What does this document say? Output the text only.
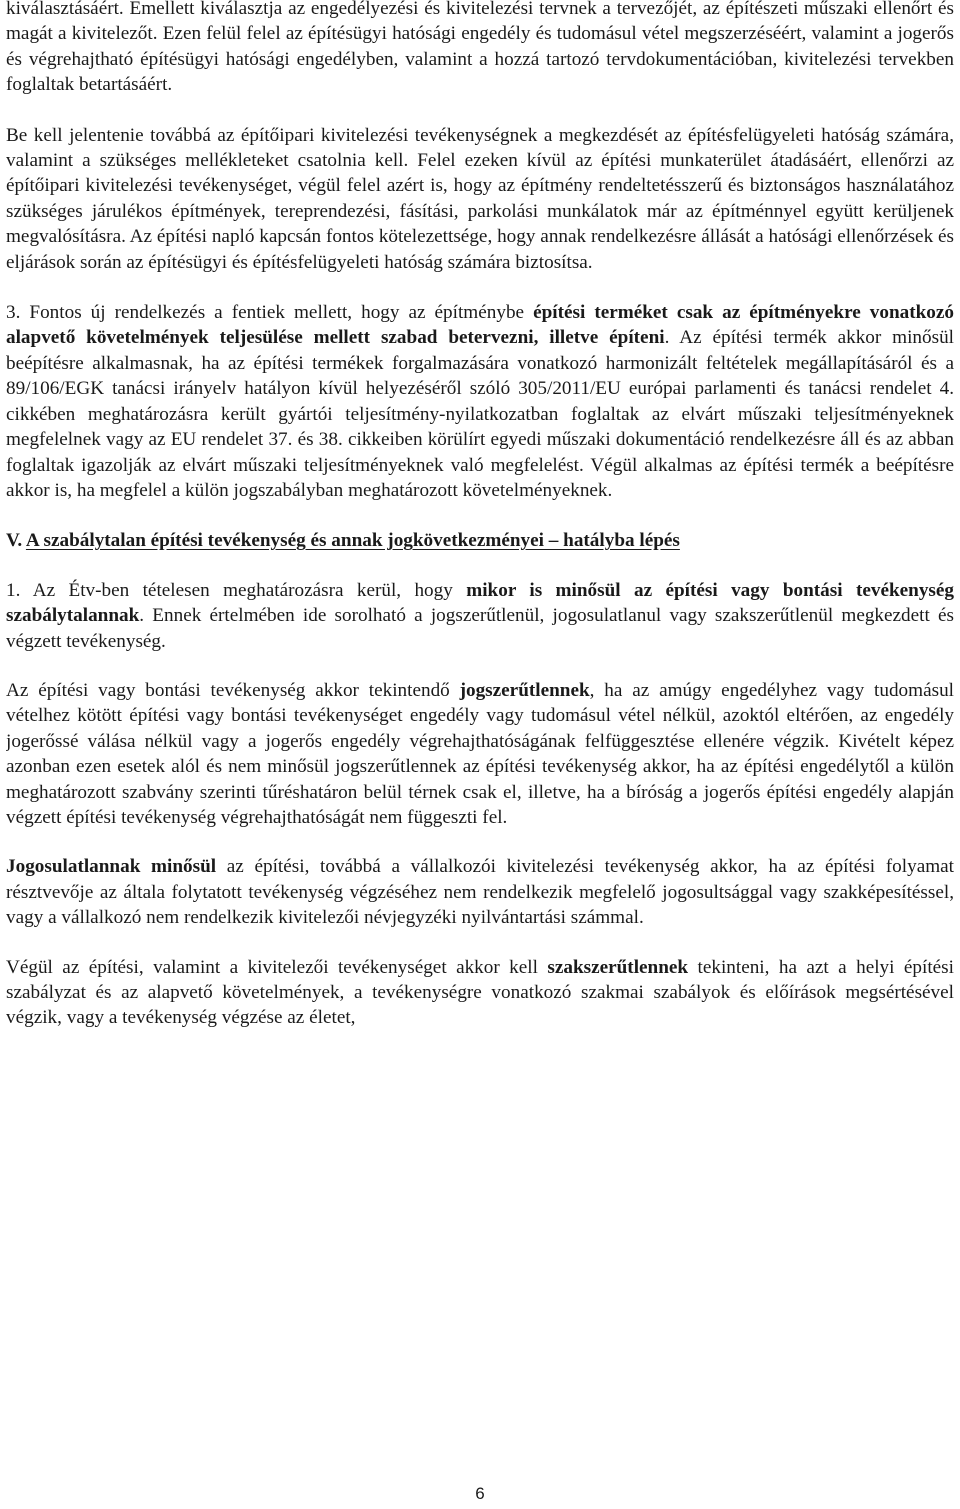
kiválasztásáért. Emellett kiválasztja az engedélyezési és kivitelezési tervnek a tervezőjét, az építészeti műszaki ellenőrt és magát a kivitelezőt. Ezen felül felel az építésügyi hatósági engedély és tudomásul vétel megszerzéséért, valamint a jogerős és végrehajtható építésügyi hatósági engedélyben, valamint a hozzá tartozó tervdokumentációban, kivitelezési tervekben foglaltak betartásáért.

Be kell jelentenie továbbá az építőipari kivitelezési tevékenységnek a megkezdését az építésfelügyeleti hatóság számára, valamint a szükséges mellékleteket csatolnia kell. Felel ezeken kívül az építési munkaterület átadásáért, ellenőrzi az építőipari kivitelezési tevékenységet, végül felel azért is, hogy az építmény rendeltetésszerű és biztonságos használatához szükséges járulékos építmények, tereprendezési, fásítási, parkolási munkálatok már az építménnyel együtt kerüljenek megvalósításra. Az építési napló kapcsán fontos kötelezettsége, hogy annak rendelkezésre állását a hatósági ellenőrzések és eljárások során az építésügyi és építésfelügyeleti hatóság számára biztosítsa.

3. Fontos új rendelkezés a fentiek mellett, hogy az építménybe építési terméket csak az építményekre vonatkozó alapvető követelmények teljesülése mellett szabad betervezni, illetve építeni. Az építési termék akkor minősül beépítésre alkalmasnak, ha az építési termékek forgalmazására vonatkozó harmonizált feltételek megállapításáról és a 89/106/EGK tanácsi irányelv hatályon kívül helyezéséről szóló 305/2011/EU európai parlamenti és tanácsi rendelet 4. cikkében meghatározásra került gyártói teljesítmény-nyilatkozatban foglaltak az elvárt műszaki teljesítményeknek megfelelnek vagy az EU rendelet 37. és 38. cikkeiben körülírt egyedi műszaki dokumentáció rendelkezésre áll és az abban foglaltak igazolják az elvárt műszaki teljesítményeknek való megfelelést. Végül alkalmas az építési termék a beépítésre akkor is, ha megfelel a külön jogszabályban meghatározott követelményeknek.

V. A szabálytalan építési tevékenység és annak jogkövetkezményei – hatályba lépés

1. Az Étv-ben tételesen meghatározásra kerül, hogy mikor is minősül az építési vagy bontási tevékenység szabálytalannak. Ennek értelmében ide sorolható a jogszerűtlenül, jogosulatlanul vagy szakszerűtlenül megkezdett és végzett tevékenység.

Az építési vagy bontási tevékenység akkor tekintendő jogszerűtlennek, ha az amúgy engedélyhez vagy tudomásul vételhez kötött építési vagy bontási tevékenységet engedély vagy tudomásul vétel nélkül, azoktól eltérően, az engedély jogerőssé válása nélkül vagy a jogerős engedély végrehajthatóságának felfüggesztése ellenére végzik. Kivételt képez azonban ezen esetek alól és nem minősül jogszerűtlennek az építési tevékenység akkor, ha az építési engedélytől a külön meghatározott szabvány szerinti tűréshatáron belül térnek csak el, illetve, ha a bíróság a jogerős építési engedély alapján végzett építési tevékenység végrehajthatóságát nem függeszti fel.

Jogosulatlannak minősül az építési, továbbá a vállalkozói kivitelezési tevékenység akkor, ha az építési folyamat résztvevője az általa folytatott tevékenység végzéséhez nem rendelkezik megfelelő jogosultsággal vagy szakképesítéssel, vagy a vállalkozó nem rendelkezik kivitelezői névjegyzéki nyilvántartási számmal.

Végül az építési, valamint a kivitelezői tevékenységet akkor kell szakszerűtlennek tekinteni, ha azt a helyi építési szabályzat és az alapvető követelmények, a tevékenységre vonatkozó szakmai szabályok és előírások megsértésével végzik, vagy a tevékenység végzése az életet,

6
